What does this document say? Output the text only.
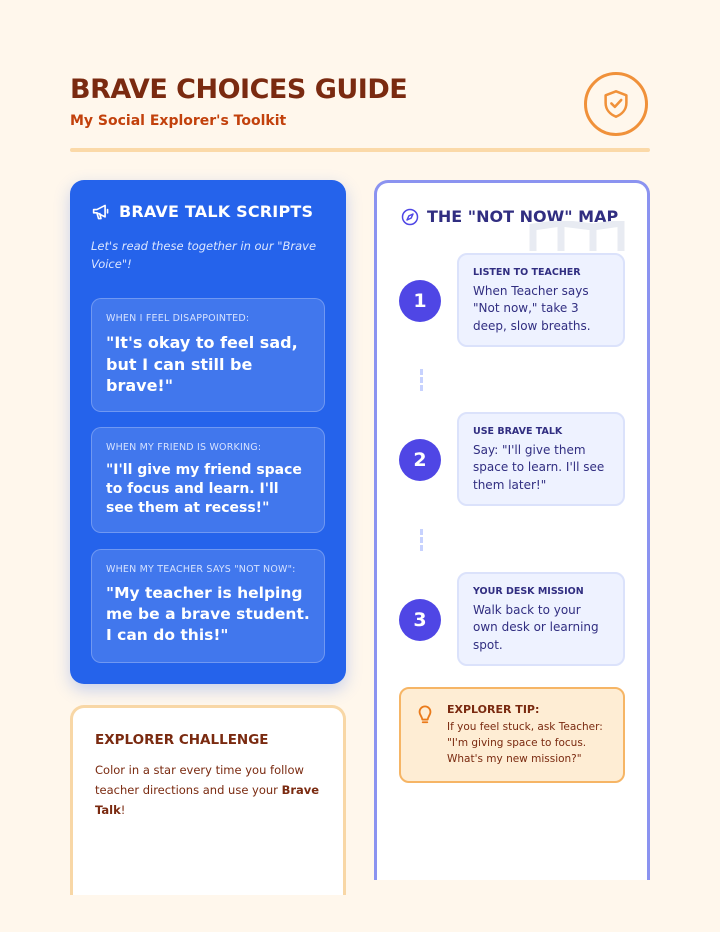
BRAVE CHOICES GUIDE
My Social Explorer's Toolkit
BRAVE TALK SCRIPTS
Let's read these together in our "Brave Voice"!
WHEN I FEEL DISAPPOINTED:
"It's okay to feel sad, but I can still be brave!"
WHEN MY FRIEND IS WORKING:
"I'll give my friend space to focus and learn. I'll see them at recess!"
WHEN MY TEACHER SAYS "NOT NOW":
"My teacher is helping me be a brave student. I can do this!"
THE "NOT NOW" MAP
1
LISTEN TO TEACHER
When Teacher says "Not now," take 3 deep, slow breaths.
2
USE BRAVE TALK
Say: "I'll give them space to learn. I'll see them later!"
3
YOUR DESK MISSION
Walk back to your own desk or learning spot.
EXPLORER TIP:
If you feel stuck, ask Teacher: "I'm giving space to focus. What's my new mission?"
EXPLORER CHALLENGE
Color in a star every time you follow teacher directions and use your Brave Talk!
